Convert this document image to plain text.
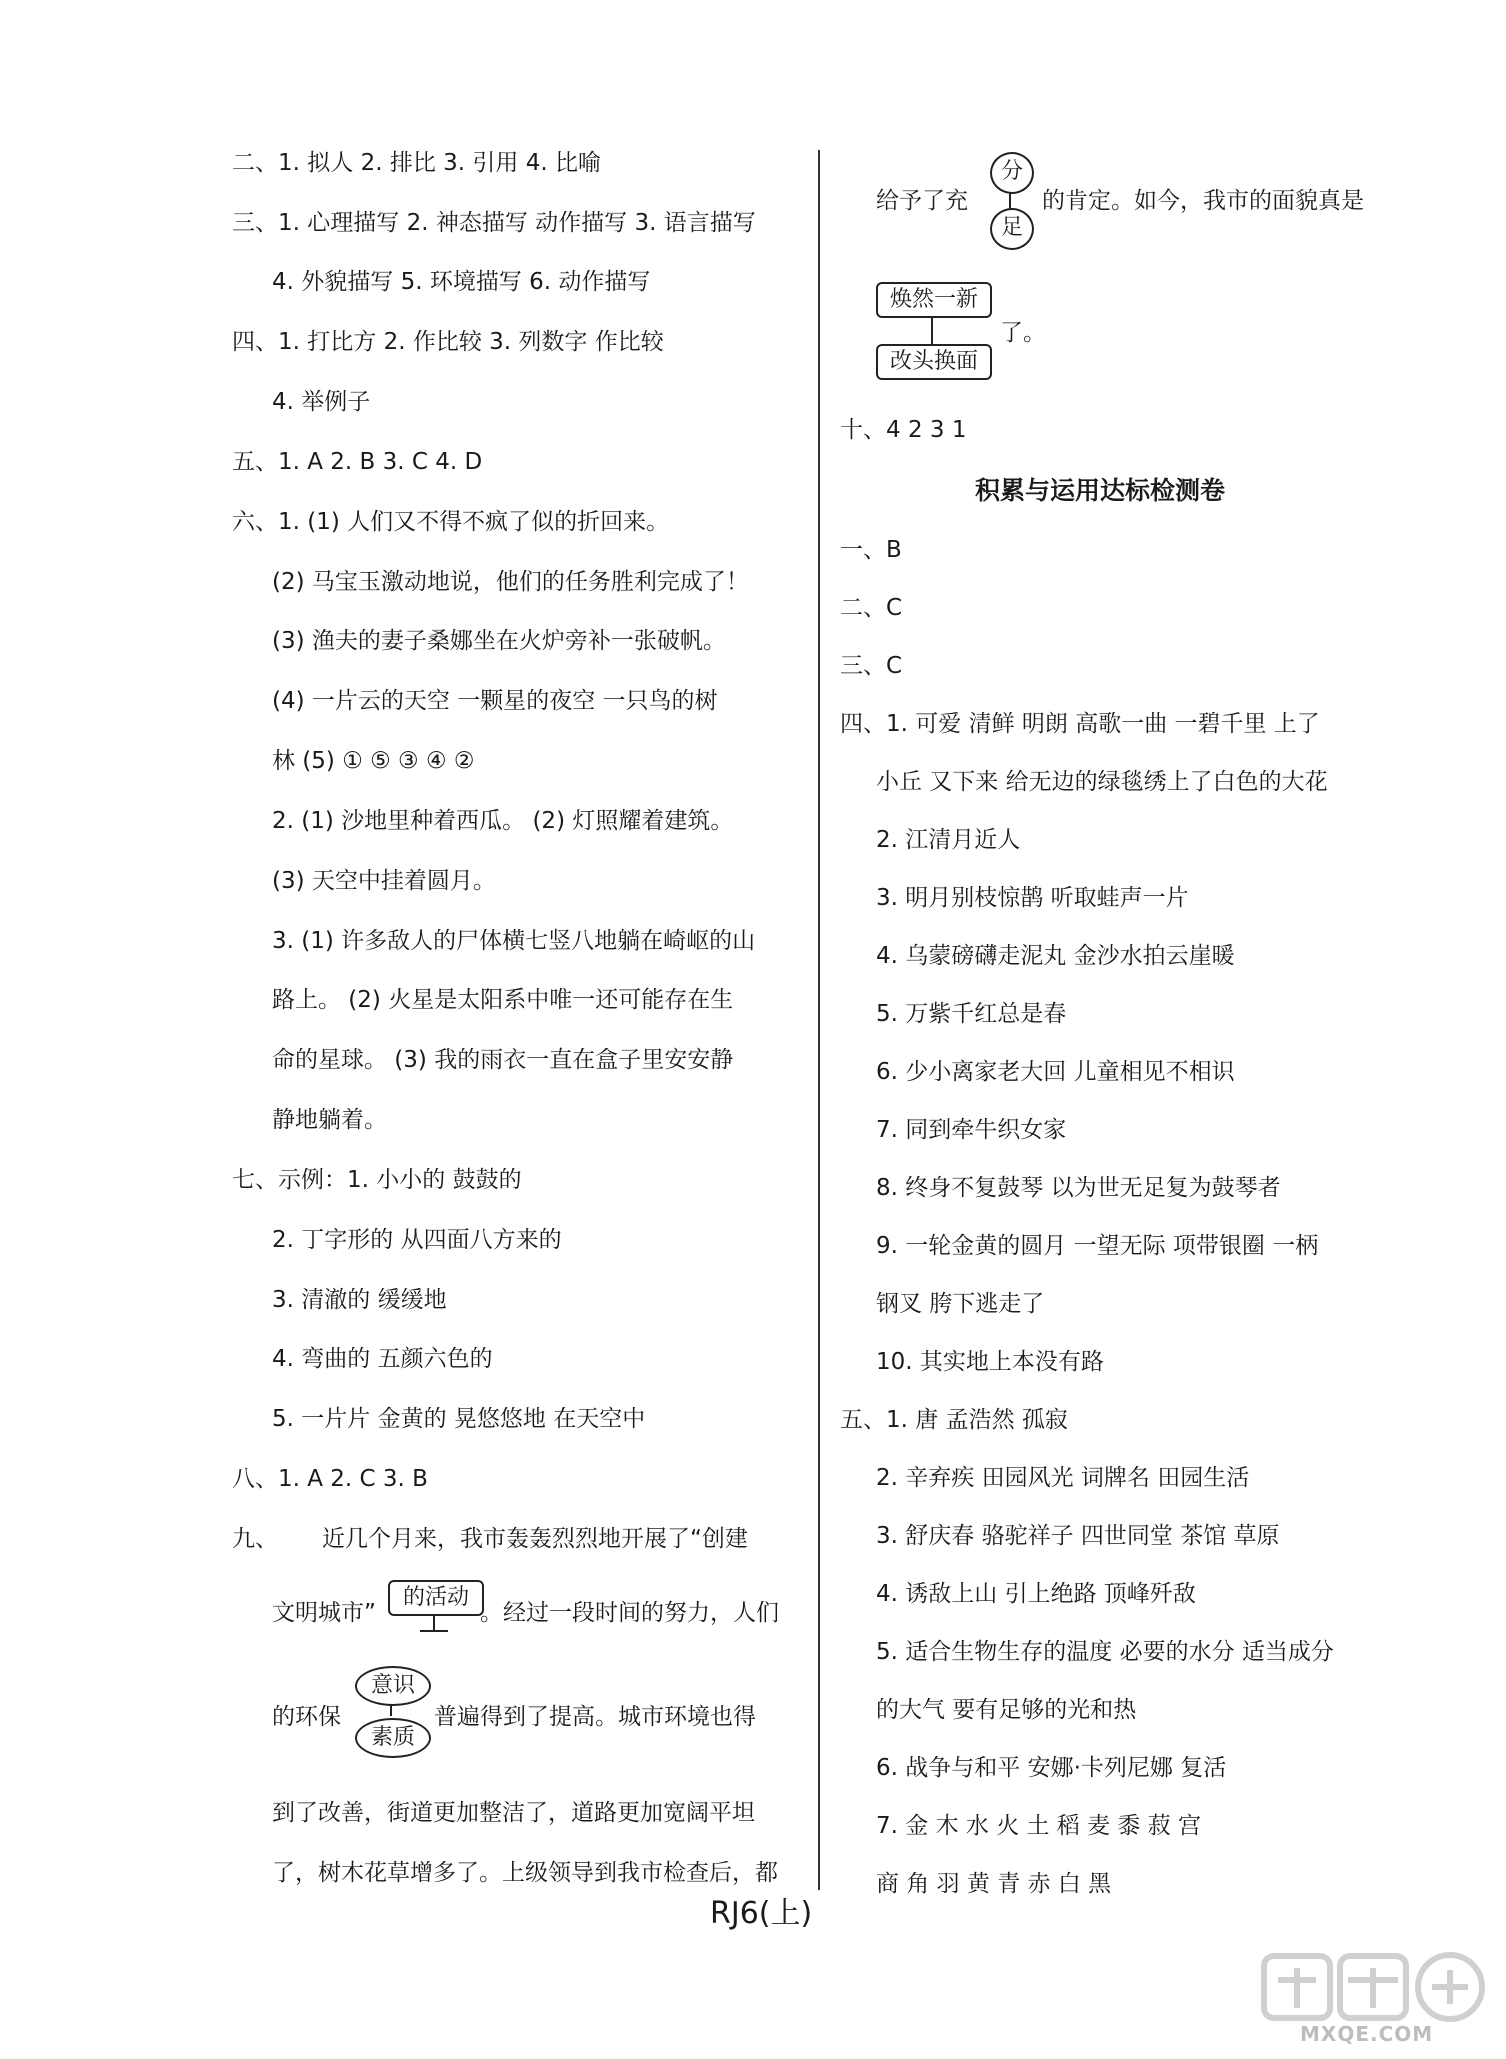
二、1. 拟人 2. 排比 3. 引用 4. 比喻
三、1. 心理描写 2. 神态描写 动作描写 3. 语言描写
4. 外貌描写 5. 环境描写 6. 动作描写
四、1. 打比方 2. 作比较 3. 列数字 作比较
4. 举例子
五、1. A 2. B 3. C 4. D
六、1. (1) 人们又不得不疯了似的折回来。
(2) 马宝玉激动地说，他们的任务胜利完成了！
(3) 渔夫的妻子桑娜坐在火炉旁补一张破帆。
(4) 一片云的天空 一颗星的夜空 一只鸟的树
林 (5) ① ⑤ ③ ④ ②
2. (1) 沙地里种着西瓜。 (2) 灯照耀着建筑。
(3) 天空中挂着圆月。
3. (1) 许多敌人的尸体横七竖八地躺在崎岖的山
路上。 (2) 火星是太阳系中唯一还可能存在生
命的星球。 (3) 我的雨衣一直在盒子里安安静
静地躺着。
七、示例：1. 小小的 鼓鼓的
2. 丁字形的 从四面八方来的
3. 清澈的 缓缓地
4. 弯曲的 五颜六色的
5. 一片片 金黄的 晃悠悠地 在天空中
八、1. A 2. C 3. B
九、 近几个月来，我市轰轰烈烈地开展了“创建
文明城市”
的活动
。经过一段时间的努力，人们
的环保
意识
素质
普遍得到了提高。城市环境也得
到了改善，街道更加整洁了，道路更加宽阔平坦
了，树木花草增多了。上级领导到我市检查后，都
给予了充
分
足
的肯定。如今，我市的面貌真是
焕然一新
改头换面
了。
十、4 2 3 1
积累与运用达标检测卷
一、B
二、C
三、C
四、1. 可爱 清鲜 明朗 高歌一曲 一碧千里 上了
小丘 又下来 给无边的绿毯绣上了白色的大花
2. 江清月近人
3. 明月别枝惊鹊 听取蛙声一片
4. 乌蒙磅礴走泥丸 金沙水拍云崖暖
5. 万紫千红总是春
6. 少小离家老大回 儿童相见不相识
7. 同到牵牛织女家
8. 终身不复鼓琴 以为世无足复为鼓琴者
9. 一轮金黄的圆月 一望无际 项带银圈 一柄
钢叉 胯下逃走了
10. 其实地上本没有路
五、1. 唐 孟浩然 孤寂
2. 辛弃疾 田园风光 词牌名 田园生活
3. 舒庆春 骆驼祥子 四世同堂 茶馆 草原
4. 诱敌上山 引上绝路 顶峰歼敌
5. 适合生物生存的温度 必要的水分 适当成分
的大气 要有足够的光和热
6. 战争与和平 安娜·卡列尼娜 复活
7. 金 木 水 火 土 稻 麦 黍 菽 宫
商 角 羽 黄 青 赤 白 黑
RJ6(上)
MXQE.COM
